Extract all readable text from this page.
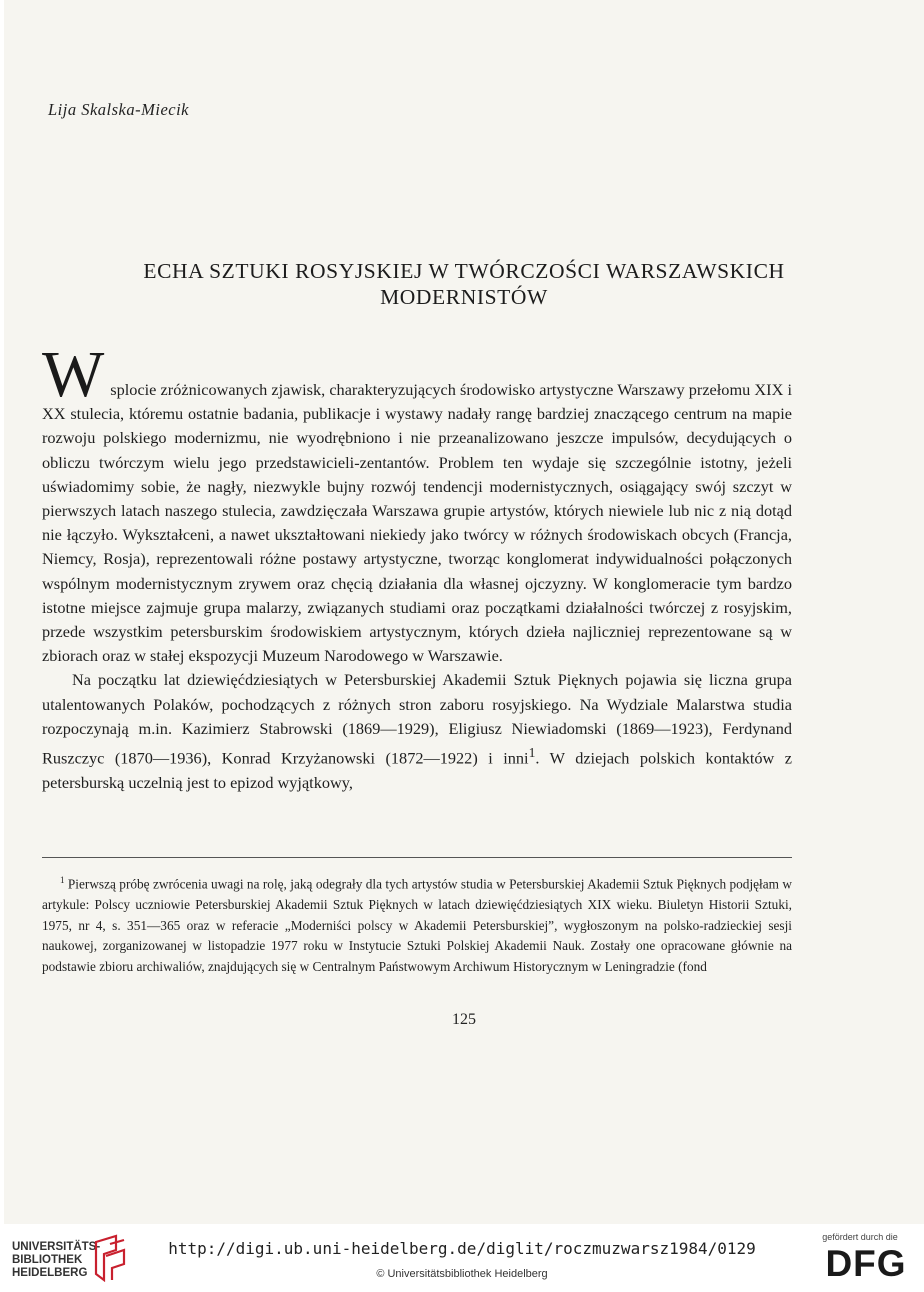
Lija Skalska-Miecik
ECHA SZTUKI ROSYJSKIEJ W TWÓRCZOŚCI WARSZAWSKICH
MODERNISTÓW

Wsplocie zróżnicowanych zjawisk, charakteryzujących środowisko artystyczne Warszawy przełomu XIX i XX stulecia, któremu ostatnie badania, publikacje i wystawy nadały rangę bardziej znaczącego centrum na mapie rozwoju polskiego modernizmu, nie wyodrębniono i nie przeanalizowano jeszcze impulsów, decydujących o obliczu twórczym wielu jego przedstawicieli-zentantów. Problem ten wydaje się szczególnie istotny, jeżeli uświadomimy sobie, że nagły, niezwykle bujny rozwój tendencji modernistycznych, osiągający swój szczyt w pierwszych latach naszego stulecia, zawdzięczała Warszawa grupie artystów, których niewiele lub nic z nią dotąd nie łączyło. Wykształceni, a nawet ukształtowani niekiedy jako twórcy w różnych środowiskach obcych (Francja, Niemcy, Rosja), reprezentowali różne postawy artystyczne, tworząc konglomerat indywidualności połączonych wspólnym modernistycznym zrywem oraz chęcią działania dla własnej ojczyzny. W konglomeracie tym bardzo istotne miejsce zajmuje grupa malarzy, związanych studiami oraz początkami działalności twórczej z rosyjskim, przede wszystkim petersburskim środowiskiem artystycznym, których dzieła najliczniej reprezentowane są w zbiorach oraz w stałej ekspozycji Muzeum Narodowego w Warszawie.

Na początku lat dziewięćdziesiątych w Petersburskiej Akademii Sztuk Pięknych pojawia się liczna grupa utalentowanych Polaków, pochodzących z różnych stron zaboru rosyjskiego. Na Wydziale Malarstwa studia rozpoczynają m.in. Kazimierz Stabrowski (1869—1929), Eligiusz Niewiadomski (1869—1923), Ferdynand Ruszczyc (1870—1936), Konrad Krzyżanowski (1872—1922) i inni$^1$. W dziejach polskich kontaktów z petersburską uczelnią jest to epizod wyjątkowy,

$^1$ Pierwszą próbę zwrócenia uwagi na rolę, jaką odegrały dla tych artystów studia w Petersburskiej Akademii Sztuk Pięknych podjęłam w artykule: Polscy uczniowie Petersburskiej Akademii Sztuk Pięknych w latach dziewięćdziesiątych XIX wieku. Biuletyn Historii Sztuki, 1975, nr 4, s. 351—365 oraz w referacie „Moderniści polscy w Akademii Petersburskiej”, wygłoszonym na polsko-radzieckiej sesji naukowej, zorganizowanej w listopadzie 1977 roku w Instytucie Sztuki Polskiej Akademii Nauk. Zostały one opracowane głównie na podstawie zbioru archiwaliów, znajdujących się w Centralnym Państwowym Archiwum Historycznym w Leningradzie (fond

125
UNIVERSITÄTS-
BIBLIOTHEK
HEIDELBERG
http://digi.ub.uni-heidelberg.de/diglit/roczmuzwarsz1984/0129
© Universitätsbibliothek Heidelberg
gefördert durch die
DFG
